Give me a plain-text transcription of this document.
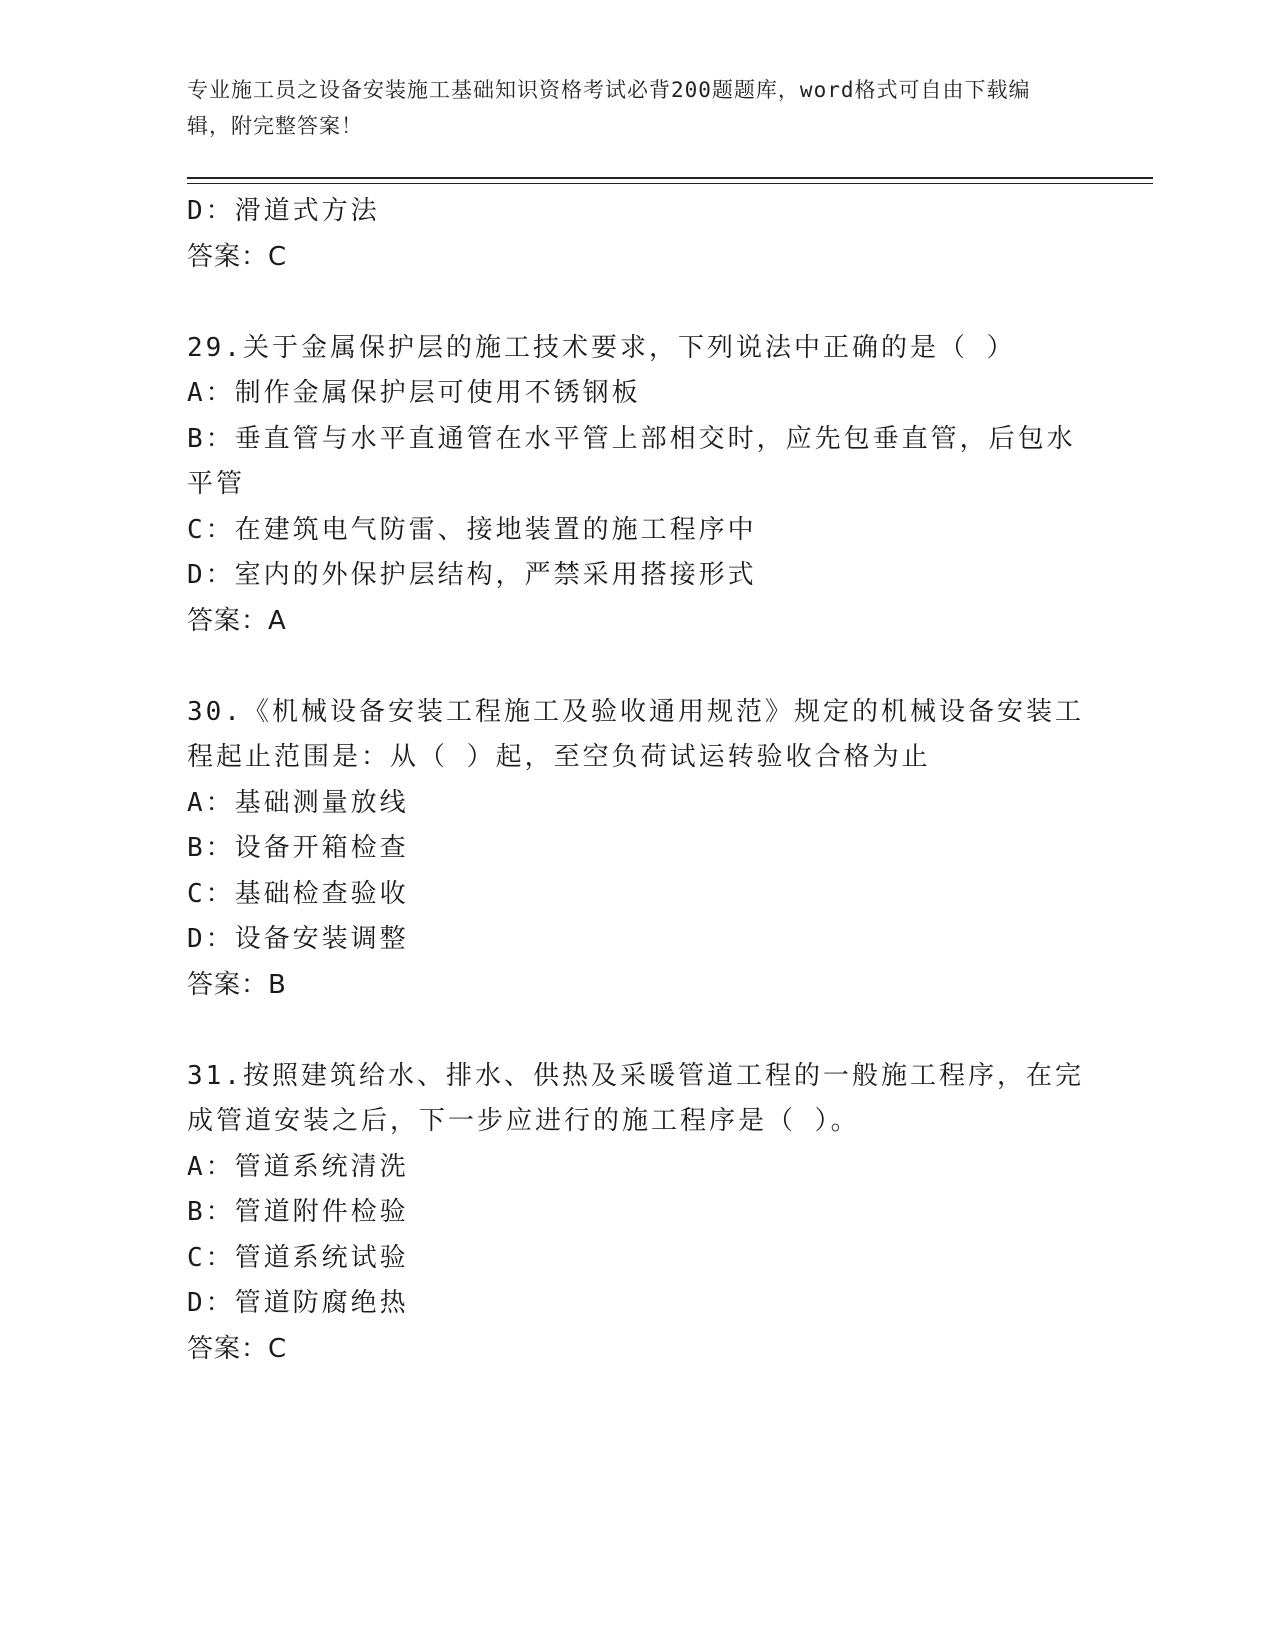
专业施工员之设备安装施工基础知识资格考试必背200题题库，word格式可自由下载编辑，附完整答案！
D：滑道式方法
答案：C
29.关于金属保护层的施工技术要求，下列说法中正确的是（ ）
A：制作金属保护层可使用不锈钢板
B：垂直管与水平直通管在水平管上部相交时，应先包垂直管，后包水平管
C：在建筑电气防雷、接地装置的施工程序中
D：室内的外保护层结构，严禁采用搭接形式
答案：A
30.《机械设备安装工程施工及验收通用规范》规定的机械设备安装工程起止范围是：从（ ）起，至空负荷试运转验收合格为止
A：基础测量放线
B：设备开箱检查
C：基础检查验收
D：设备安装调整
答案：B
31.按照建筑给水、排水、供热及采暖管道工程的一般施工程序，在完成管道安装之后，下一步应进行的施工程序是（ ）。
A：管道系统清洗
B：管道附件检验
C：管道系统试验
D：管道防腐绝热
答案：C
